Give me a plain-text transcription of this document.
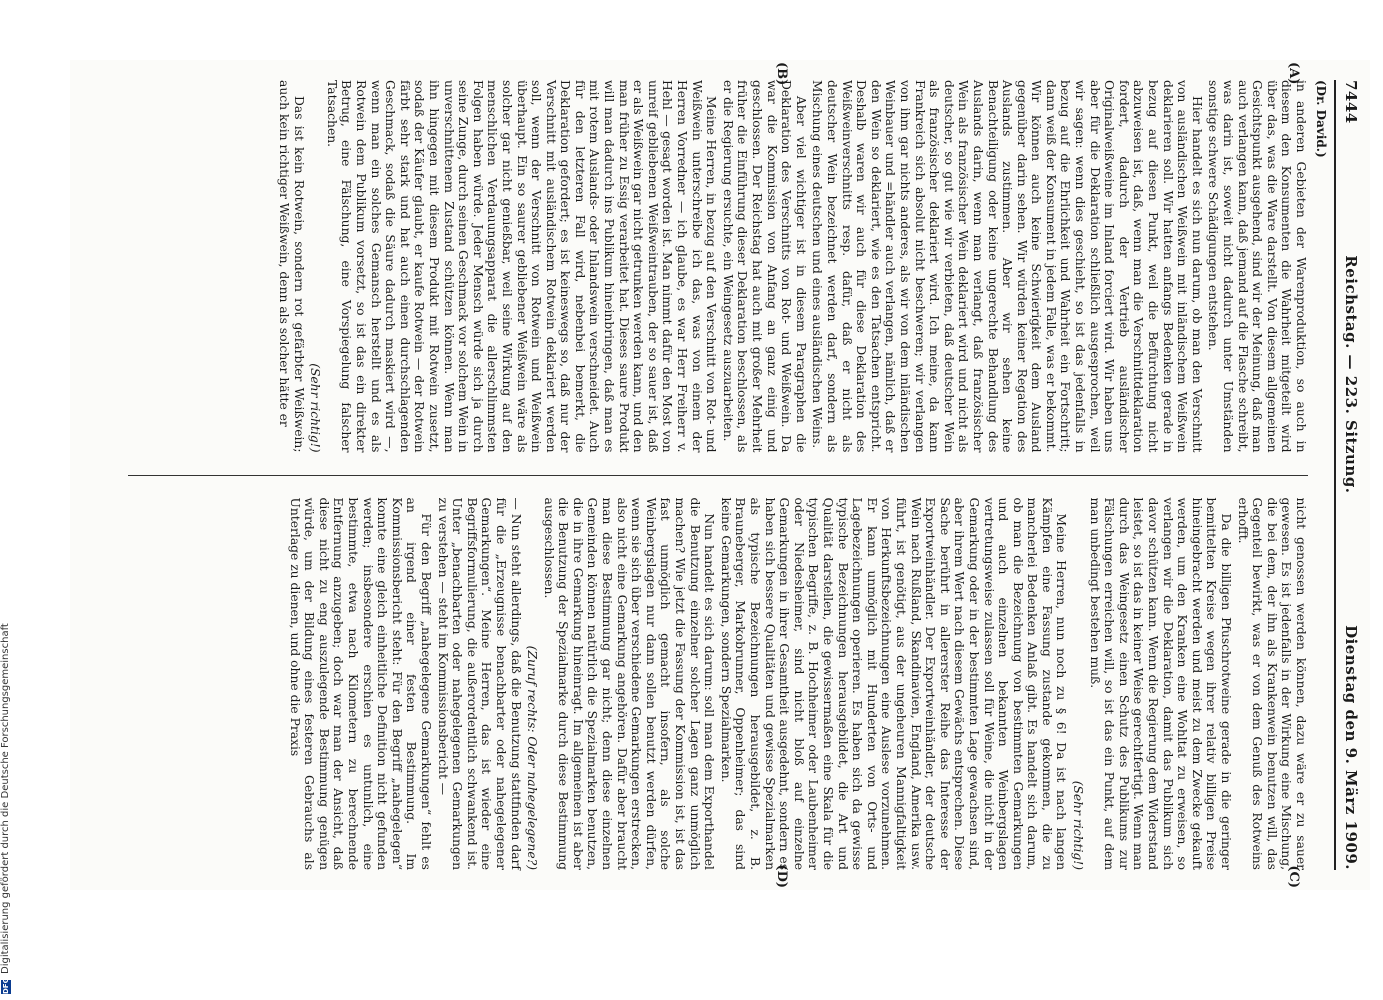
7444
Reichstag. — 223. Sitzung.
Dienstag den 9. März 1909.
(Dr. David.)
(A)
(B)

in anderen Gebieten der Warenproduktion, so auch in diesem den Konsumenten die Wahrheit mitgeteilt wird über das, was die Ware darstellt. Von diesem allgemeinen Gesichtspunkt ausgehend, sind wir der Meinung, daß man auch verlangen kann, daß jemand auf die Flasche schreibt, was darin ist, soweit nicht dadurch unter Umständen sonstige schwere Schädigungen entstehen.

Hier handelt es sich nun darum, ob man den Verschnitt von ausländischen Weißwein mit inländischem Weißwein deklarieren soll. Wir hatten anfangs Bedenken gerade in bezug auf diesen Punkt, weil die Befürchtung nicht abzuweisen ist, daß, wenn man die Verschnittdeklaration fordert, dadurch der Vertrieb ausländischer Originalweißweine im Inland forciert wird. Wir haben uns aber für die Deklaration schließlich ausgesprochen, weil wir sagen: wenn dies geschieht, so ist das jedenfalls in bezug auf die Ehrlichkeit und Wahrheit ein Fortschritt; dann weiß der Konsument in jedem Falle, was er bekommt. Wir können auch keine Schwierigkeit dem Ausland gegenüber darin sehen. Wir würden keiner Regation des Auslands zustimmen. Aber wir sehen keine Benachteiligung oder keine ungerechte Behandlung des Auslands darin, wenn man verlangt, daß französischer Wein als französischer Wein deklariert wird und nicht als deutscher, so gut wie wir verbieten, daß deutscher Wein als französischer deklariert wird. Ich meine, da kann Frankreich sich absolut nicht beschweren; wir verlangen von ihm gar nichts anderes, als wir von dem inländischen Weinbauer und =händler auch verlangen, nämlich, daß er den Wein so deklariert, wie es den Tatsachen entspricht. Deshalb waren wir auch für diese Deklaration des Weißweinverschnitts resp. dafür, daß er nicht als deutscher Wein bezeichnet werden darf, sondern als Mischung eines deutschen und eines ausländischen Weins.

Aber viel wichtiger ist in diesem Paragraphen die Deklaration des Verschnitts von Rot- und Weißwein. Da war die Kommission von Anfang an ganz einig und geschlossen. Der Reichstag hat auch mit großer Mehrheit früher die Einführung dieser Deklaration beschlossen, als er die Regierung ersuchte, ein Weingesetz auszuarbeiten.

Meine Herren, in bezug auf den Verschnitt von Rot- und Weißwein unterschreibe ich das, was von einem der Herren Vorredner — ich glaube, es war Herr Freiherr v. Hehl — gesagt worden ist. Man nimmt dafür den Most von unreif gebliebenen Weißweintrauben, der so sauer ist, daß er als Weißwein gar nicht getrunken werden kann, und den man früher zu Essig verarbeitet hat. Dieses saure Produkt will man dadurch ins Publikum hineinbringen, daß man es mit rotem Auslands- oder Inlandswein verschneidet. Auch für den letzteren Fall wird, nebenbei bemerkt, die Deklaration gefordert; es ist keineswegs so, daß nur der Verschnitt mit ausländischem Rotwein deklariert werden soll, wenn der Verschnitt von Rotwein und Weißwein überhaupt. Ein so saurer gebliebener Weißwein wäre als solcher gar nicht genießbar, weil seine Wirkung auf den menschlichen Verdauungsapparat die allerschlimmsten Folgen haben würde. Jeder Mensch würde sich ja durch seine Zunge, durch seinen Geschmack vor solchem Wein in unverschnittenem Zustand schützen können. Wenn man ihn hingegen mit diesem Produkt mit Rotwein zusetzt, sodaß der Käufer glaubt, er kaufe Rotwein — der Rotwein färbt sehr stark und hat auch einen durchschlagenden Geschmack, sodaß die Säure dadurch maskiert wird —, wenn man ein solches Gemansch herstellt und es als Rotwein dem Publikum vorsetzt, so ist das ein direkter Betrug, eine Fälschung, eine Vorspiegelung falscher Tatsachen.

(Sehr richtig!)

Das ist kein Rotwein, sondern rot gefärbter Weißwein; auch kein richtiger Weißwein, denn als solcher hätte er

(C)
(D)

nicht genossen werden können, dazu wäre er zu sauer gewesen. Es ist jedenfalls in der Wirkung eine Mischung, die bei dem, der ihn als Krankenwein benutzen will, das Gegenteil bewirkt, was er von dem Genuß des Rotweins erhofft.

Da die billigen Pfuschrotweine gerade in die geringer bemittelten Kreise wegen ihrer relativ billigen Preise hineingebracht werden und meist zu dem Zwecke gekauft werden, um den Kranken eine Wohltat zu erweisen, so verlangen wir die Deklaration, damit das Publikum sich davor schützen kann. Wenn die Regierung dem Widerstand leistet, so ist das in keiner Weise gerechtfertigt. Wenn man durch das Weingesetz einen Schutz des Publikums zur Fälschungen erreichen will, so ist das ein Punkt, auf dem man unbedingt bestehen muß.

(Sehr richtig!)

Meine Herren, nun noch zu § 6! Da ist nach langen Kämpfen eine Fassung zustande gekommen, die zu mancherlei Bedenken Anlaß gibt. Es handelt sich darum, ob man die Bezeichnung von bestimmten Gemarkungen und auch einzelnen bekannten Weinbergslagen vertretungsweise zulassen soll für Weine, die nicht in der Gemarkung oder in der bestimmten Lage gewachsen sind, aber ihrem Wert nach diesem Gewächs entsprechen. Diese Sache berührt in allererster Reihe das Interesse der Exportweinhändler. Der Exportweinhändler, der deutsche Wein nach Rußland, Skandinavien, England, Amerika usw. führt, ist genötigt, aus der ungeheuren Mannigfaltigkeit von Herkunftsbezeichnungen eine Auslese vorzunehmen. Er kann unmöglich mit Hunderten von Orts- und Lagebezeichnungen operieren. Es haben sich da gewisse typische Bezeichnungen herausgebildet, die Art und Qualität darstellen, die gewissermaßen eine Skala für die typischen Begriffe, z. B. Hochheimer oder Laubenheimer oder Niedesheimer, sind nicht bloß auf einzelne Gemarkungen in ihrer Gesamtheit ausgedehnt, sondern es haben sich bessere Qualitäten und gewisse Spezialmarken als typische Bezeichnungen herausgebildet, z. B. Brauneberger, Markobrunner, Oppenheimer; das sind keine Gemarkungen, sondern Spezialmarken.

Nun handelt es sich darum: soll man dem Exporthandel die Benutzung einzelner solcher Lagen ganz unmöglich machen? Wie jetzt die Fassung der Kommission ist, ist das fast unmöglich gemacht insofern, als solche Weinbergslagen nur dann sollen benutzt werden dürfen, wenn sie sich über verschiedene Gemarkungen erstrecken, also nicht eine Gemarkung angehören. Dafür aber braucht man diese Bestimmung gar nicht; denn diese einzelnen Gemeinden können natürlich die Spezialmarken benutzen, die in ihre Gemarkung hineinragt. Im allgemeinen ist aber die Benutzung der Spezialmarke durch diese Bestimmung ausgeschlossen.

(Zuruf rechts: Oder nahegelegene?)

— Nun steht allerdings, daß die Benutzung stattfinden darf für die „Erzeugnisse benachbarter oder nahegelegener Gemarkungen“. Meine Herren, das ist wieder eine Begriffsformulierung, die außerordentlich schwankend ist. Unter „benachbarten oder nahegelegenen Gemarkungen zu verstehen — steht im Kommissionsbericht —

Für den Begriff „nahegelegene Gemarkungen“ fehlt es an irgend einer festen Bestimmung. Im Kommissionsbericht steht: Für den Begriff „nahegelegen“ konnte eine gleich einheitliche Definition nicht gefunden werden; insbesondere erschien es untunlich, eine bestimmte, etwa nach Kilometern zu berechnende Entfernung anzugeben; doch war man der Ansicht, daß diese nicht zu eng auszulegende Bestimmung genügen würde, um der Bildung eines festeren Gebrauchs als Unterlage zu dienen, und ohne die Praxis

DFG
Digitalisierung gefördert durch die Deutsche Forschungsgemeinschaft
